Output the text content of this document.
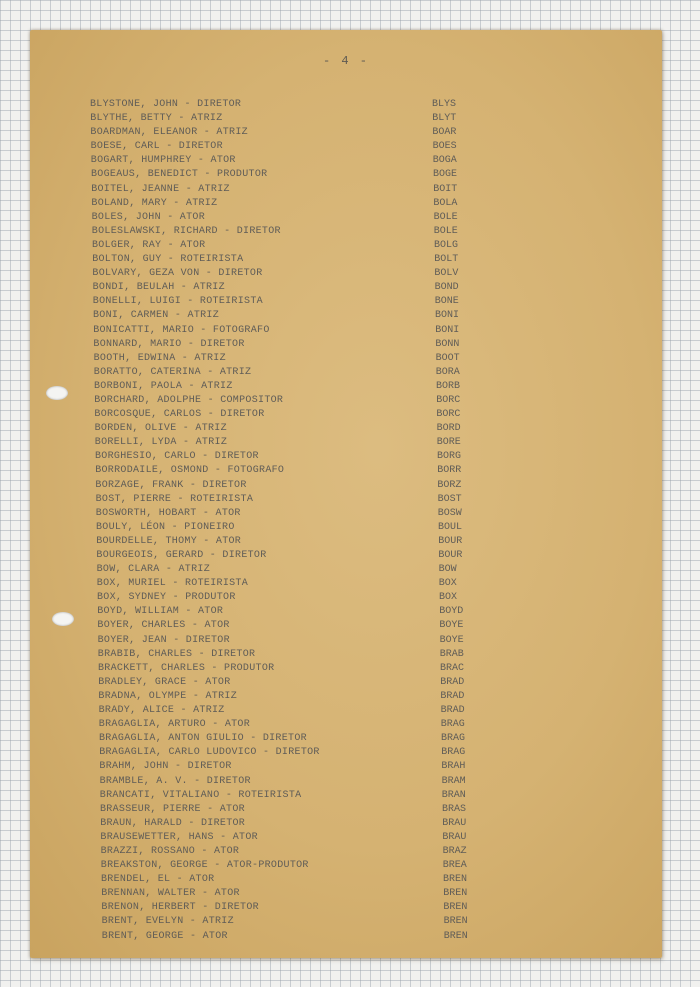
- 4 -
BLYSTONE, JOHN - DIRETOR	BLYS
BLYTHE, BETTY - ATRIZ	BLYT
BOARDMAN, ELEANOR - ATRIZ	BOAR
BOESE, CARL - DIRETOR	BOES
BOGART, HUMPHREY - ATOR	BOGA
BOGEAUS, BENEDICT - PRODUTOR	BOGE
BOITEL, JEANNE - ATRIZ	BOIT
BOLAND, MARY - ATRIZ	BOLA
BOLES, JOHN - ATOR	BOLE
BOLESLAWSKI, RICHARD - DIRETOR	BOLE
BOLGER, RAY - ATOR	BOLG
BOLTON, GUY - ROTEIRISTA	BOLT
BOLVARY, GEZA VON - DIRETOR	BOLV
BONDI, BEULAH - ATRIZ	BOND
BONELLI, LUIGI - ROTEIRISTA	BONE
BONI, CARMEN - ATRIZ	BONI
BONICATTI, MARIO - FOTOGRAFO	BONI
BONNARD, MARIO - DIRETOR	BONN
BOOTH, EDWINA - ATRIZ	BOOT
BORATTO, CATERINA - ATRIZ	BORA
BORBONI, PAOLA - ATRIZ	BORB
BORCHARD, ADOLPHE - COMPOSITOR	BORC
BORCOSQUE, CARLOS - DIRETOR	BORC
BORDEN, OLIVE - ATRIZ	BORD
BORELLI, LYDA - ATRIZ	BORE
BORGHESIO, CARLO - DIRETOR	BORG
BORRODAILE, OSMOND - FOTOGRAFO	BORR
BORZAGE, FRANK - DIRETOR	BORZ
BOST, PIERRE - ROTEIRISTA	BOST
BOSWORTH, HOBART - ATOR	BOSW
BOULY, LÉON - PIONEIRO	BOUL
BOURDELLE, THOMY - ATOR	BOUR
BOURGEOIS, GERARD - DIRETOR	BOUR
BOW, CLARA - ATRIZ	BOW
BOX, MURIEL - ROTEIRISTA	BOX
BOX, SYDNEY - PRODUTOR	BOX
BOYD, WILLIAM - ATOR	BOYD
BOYER, CHARLES - ATOR	BOYE
BOYER, JEAN - DIRETOR	BOYE
BRABIB, CHARLES - DIRETOR	BRAB
BRACKETT, CHARLES - PRODUTOR	BRAC
BRADLEY, GRACE - ATOR	BRAD
BRADNA, OLYMPE - ATRIZ	BRAD
BRADY, ALICE - ATRIZ	BRAD
BRAGAGLIA, ARTURO - ATOR	BRAG
BRAGAGLIA, ANTON GIULIO - DIRETOR	BRAG
BRAGAGLIA, CARLO LUDOVICO - DIRETOR	BRAG
BRAHM, JOHN - DIRETOR	BRAH
BRAMBLE, A. V. - DIRETOR	BRAM
BRANCATI, VITALIANO - ROTEIRISTA	BRAN
BRASSEUR, PIERRE - ATOR	BRAS
BRAUN, HARALD - DIRETOR	BRAU
BRAUSEWETTER, HANS - ATOR	BRAU
BRAZZI, ROSSANO - ATOR	BRAZ
BREAKSTON, GEORGE - ATOR-PRODUTOR	BREA
BRENDEL, EL - ATOR	BREN
BRENNAN, WALTER - ATOR	BREN
BRENON, HERBERT - DIRETOR	BREN
BRENT, EVELYN - ATRIZ	BREN
BRENT, GEORGE - ATOR	BREN
